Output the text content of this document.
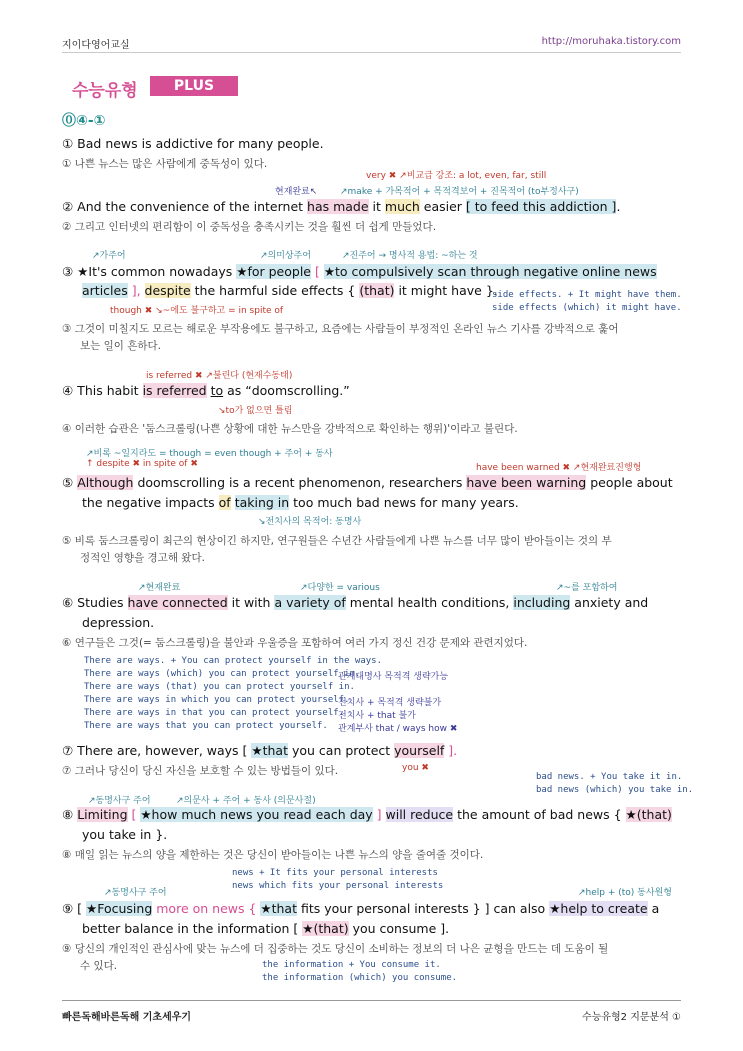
지이다영어교실	http://moruhaka.tistory.com
수능유형	PLUS
⓪④-①
① Bad news is addictive for many people.
① 나쁜 뉴스는 많은 사람에게 중독성이 있다.
very ✖ ↗비교급 강조: a lot, even, far, still
현재완료↖	↗make + 가목적어 + 목적격보어 + 진목적어 (to부정사구)
② And the convenience of the internet has made it much easier [ to feed this addiction ].
② 그리고 인터넷의 편리함이 이 중독성을 충족시키는 것을 훨씬 더 쉽게 만들었다.
↗가주어	↗의미상주어	↗진주어 → 명사적 용법: ~하는 것
③ ★It's common nowadays ★for people [ ★to compulsively scan through negative online news
articles ], despite the harmful side effects { (that) it might have }.
side effects. + It might have them.
side effects (which) it might have.
though ✖ ↘~에도 불구하고 = in spite of
③ 그것이 미칠지도 모르는 해로운 부작용에도 불구하고, 요즘에는 사람들이 부정적인 온라인 뉴스 기사를 강박적으로 훑어
보는 일이 흔하다.
is referred ✖ ↗불린다 (현재수동태)
④ This habit is referred to as “doomscrolling.”
↘to가 없으면 틀림
④ 이러한 습관은 '둠스크롤링(나쁜 상황에 대한 뉴스만을 강박적으로 확인하는 행위)'이라고 불린다.
↗비록 ~일지라도 = though = even though + 주어 + 동사
↑ despite ✖ in spite of ✖	have been warned ✖ ↗현재완료진행형
⑤ Although doomscrolling is a recent phenomenon, researchers have been warning people about
the negative impacts of taking in too much bad news for many years.
↘전치사의 목적어: 동명사
⑤ 비록 둠스크롤링이 최근의 현상이긴 하지만, 연구원들은 수년간 사람들에게 나쁜 뉴스를 너무 많이 받아들이는 것의 부
정적인 영향을 경고해 왔다.
↗현재완료	↗다양한 = various	↗~를 포함하여
⑥ Studies have connected it with a variety of mental health conditions, including anxiety and
depression.
⑥ 연구들은 그것(= 둠스크롤링)을 불안과 우울증을 포함하여 여러 가지 정신 건강 문제와 관련지었다.
There are ways. + You can protect yourself in the ways.
There are ways (which) you can protect yourself in.
There are ways (that) you can protect yourself in.
There are ways in which you can protect yourself.
There are ways in that you can protect yourself.
There are ways that you can protect yourself.
관계대명사 목적격 생략가능
전치사 + 목적격 생략불가
전치사 + that 불가
관계부사 that / ways how ✖
⑦ There are, however, ways [ ★that you can protect yourself ].
⑦ 그러나 당신이 당신 자신을 보호할 수 있는 방법들이 있다.	you ✖
bad news. + You take it in.
bad news (which) you take in.
↗동명사구 주어	↗의문사 + 주어 + 동사 (의문사절)
⑧ Limiting [ ★how much news you read each day ] will reduce the amount of bad news { ★(that)
you take in }.
⑧ 매일 읽는 뉴스의 양을 제한하는 것은 당신이 받아들이는 나쁜 뉴스의 양을 줄여줄 것이다.
news + It fits your personal interests
news which fits your personal interests
↗동명사구 주어	↗help + (to) 동사원형
⑨ [ ★Focusing more on news { ★that fits your personal interests } ] can also ★help to create a
better balance in the information [ ★(that) you consume ].
⑨ 당신의 개인적인 관심사에 맞는 뉴스에 더 집중하는 것도 당신이 소비하는 정보의 더 나은 균형을 만드는 데 도움이 될
수 있다.	the information + You consume it.
the information (which) you consume.
빠른독해바른독해 기초세우기	수능유형2 지문분석 ①
